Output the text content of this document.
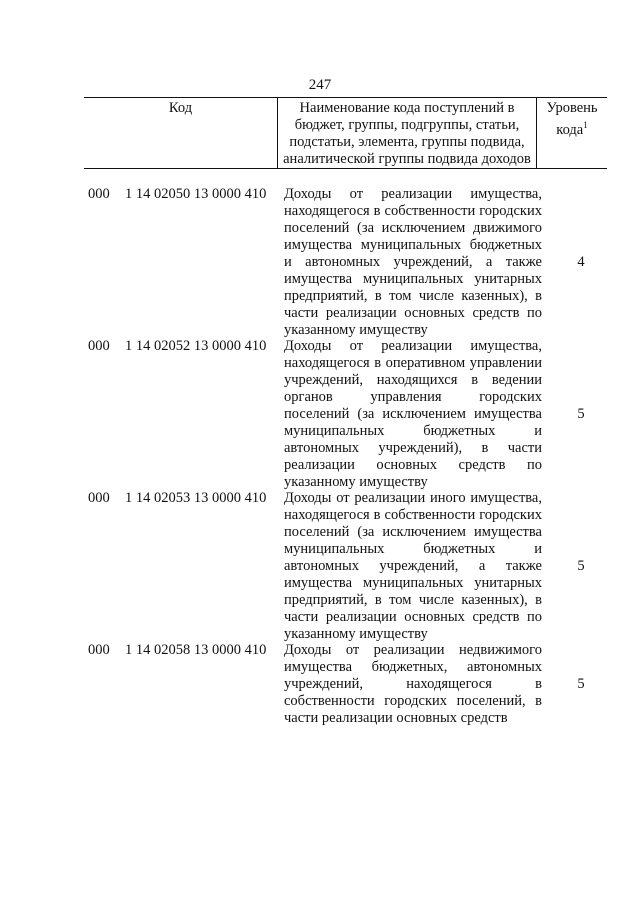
247
Код	Наименование кода поступлений в бюджет, группы, подгруппы, статьи, подстатьи, элемента, группы подвида, аналитической группы подвида доходов
Уровень кода$^1$
000 1 14 02050 13 0000 410 Доходы от реализации имущества, находящегося в собственности городских поселений (за исключением движимого имущества муниципальных бюджетных и автономных учреждений, а также имущества муниципальных унитарных предприятий, в том числе казенных), в части реализации основных средств по указанному имуществу
4
000 1 14 02052 13 0000 410 Доходы от реализации имущества, находящегося в оперативном управлении учреждений, находящихся в ведении органов управления городских поселений (за исключением имущества муниципальных бюджетных и автономных учреждений), в части реализации основных средств по указанному имуществу
5
000 1 14 02053 13 0000 410 Доходы от реализации иного имущества, находящегося в собственности городских поселений (за исключением имущества муниципальных бюджетных и автономных учреждений, а также имущества муниципальных унитарных предприятий, в том числе казенных), в части реализации основных средств по указанному имуществу
5
000 1 14 02058 13 0000 410 Доходы от реализации недвижимого имущества бюджетных, автономных учреждений, находящегося в собственности городских поселений, в части реализации основных средств
5
